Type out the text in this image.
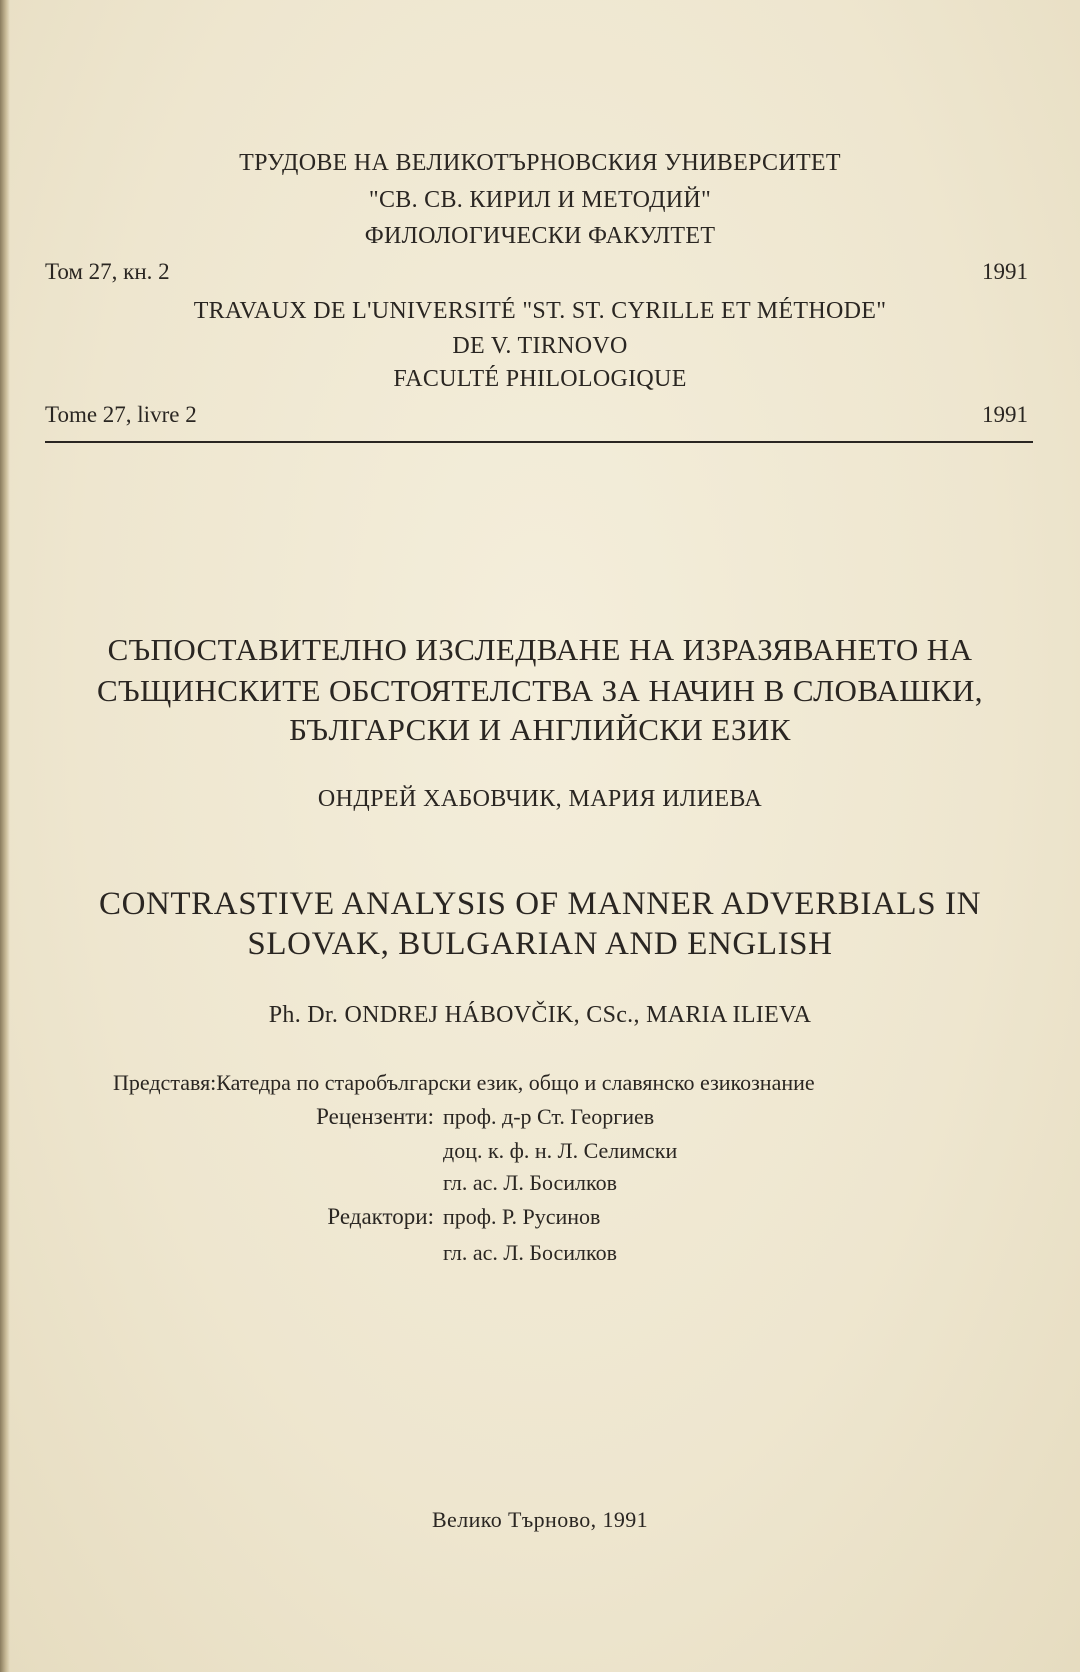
ТРУДОВЕ НА ВЕЛИКОТЪРНОВСКИЯ УНИВЕРСИТЕТ
"СВ. СВ. КИРИЛ И МЕТОДИЙ"
ФИЛОЛОГИЧЕСКИ ФАКУЛТЕТ
Том 27, кн. 2	1991
TRAVAUX DE L'UNIVERSITÉ "ST. ST. CYRILLE ET MÉTHODE"
DE V. TIRNOVO
FACULTÉ PHILOLOGIQUE
Tome 27, livre 2	1991
СЪПОСТАВИТЕЛНО ИЗСЛЕДВАНЕ НА ИЗРАЗЯВАНЕТО НА
СЪЩИНСКИТЕ ОБСТОЯТЕЛСТВА ЗА НАЧИН В СЛОВАШКИ,
БЪЛГАРСКИ И АНГЛИЙСКИ ЕЗИК
ОНДРЕЙ ХАБОВЧИК, МАРИЯ ИЛИЕВА
CONTRASTIVE ANALYSIS OF MANNER ADVERBIALS IN
SLOVAK, BULGARIAN AND ENGLISH
Ph. Dr. ONDREJ HÁBOVČIK, CSc., MARIA ILIEVA
Представя:Катедра по старобългарски език, общо и славянско езикознание
Рецензенти: проф. д-р Ст. Георгиев
доц. к. ф. н. Л. Селимски
гл. ас. Л. Босилков
Редактори: проф. Р. Русинов
гл. ас. Л. Босилков
Велико Търново, 1991
